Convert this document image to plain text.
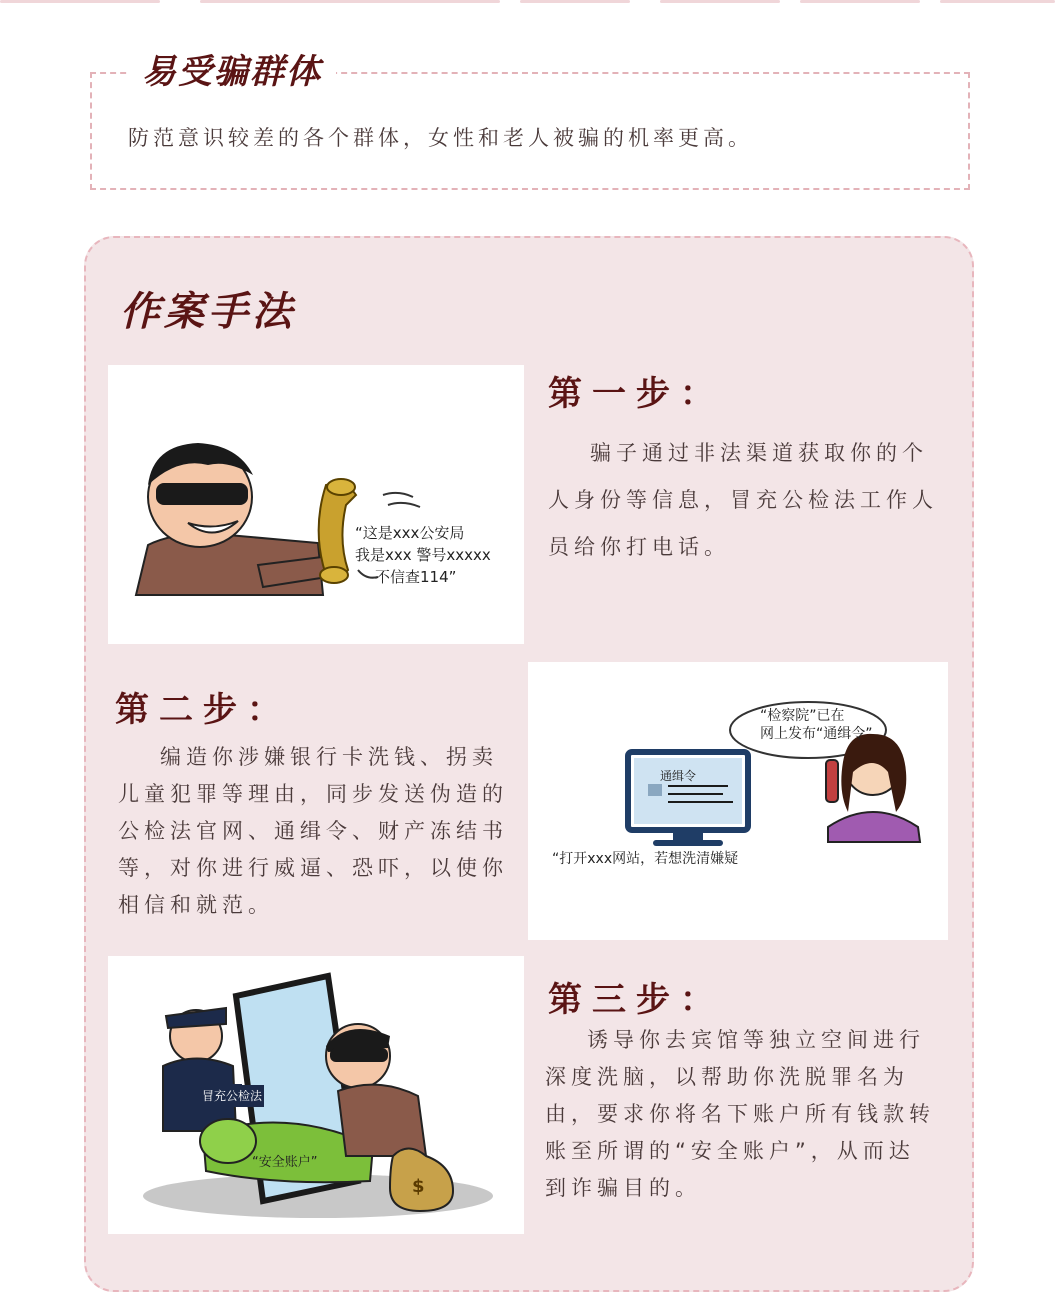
易受骗群体
防范意识较差的各个群体，女性和老人被骗的机率更高。
作案手法
“这是xxx公安局
我是xxx 警号xxxxx
不信查114”
第一步：
骗子通过非法渠道获取你的个人身份等信息，冒充公检法工作人员给你打电话。
第二步：
编造你涉嫌银行卡洗钱、拐卖儿童犯罪等理由，同步发送伪造的公检法官网、通缉令、财产冻结书等，对你进行威逼、恐吓，以使你相信和就范。
通缉令
“检察院”已在
网上发布“通缉令”
“打开xxx网站，若想洗清嫌疑
冒充公检法
“安全账户”
$
第三步：
诱导你去宾馆等独立空间进行深度洗脑，以帮助你洗脱罪名为由，要求你将名下账户所有钱款转账至所谓的“安全账户”，从而达到诈骗目的。
